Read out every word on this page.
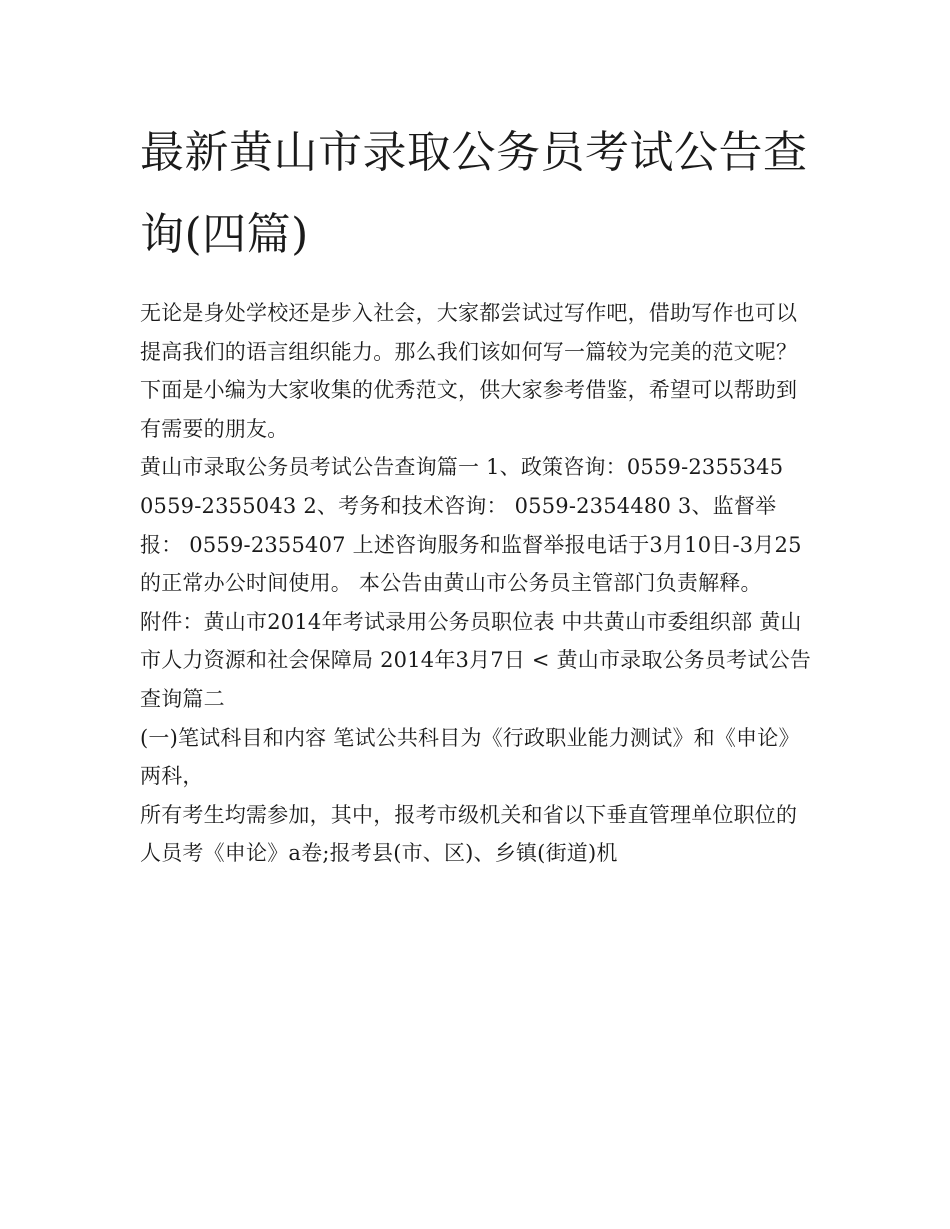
最新黄山市录取公务员考试公告查询(四篇)

无论是身处学校还是步入社会，大家都尝试过写作吧，借助写作也可以提高我们的语言组织能力。那么我们该如何写一篇较为完美的范文呢？下面是小编为大家收集的优秀范文，供大家参考借鉴，希望可以帮助到有需要的朋友。

黄山市录取公务员考试公告查询篇一 1、政策咨询：0559-2355345 0559-2355043 2、考务和技术咨询： 0559-2354480 3、监督举报： 0559-2355407 上述咨询服务和监督举报电话于3月10日-3月25的正常办公时间使用。 本公告由黄山市公务员主管部门负责解释。

附件：黄山市2014年考试录用公务员职位表 中共黄山市委组织部 黄山市人力资源和社会保障局 2014年3月7日 < 黄山市录取公务员考试公告查询篇二

(一)笔试科目和内容 笔试公共科目为《行政职业能力测试》和《申论》两科，

所有考生均需参加，其中，报考市级机关和省以下垂直管理单位职位的人员考《申论》a卷;报考县(市、区)、乡镇(街道)机
